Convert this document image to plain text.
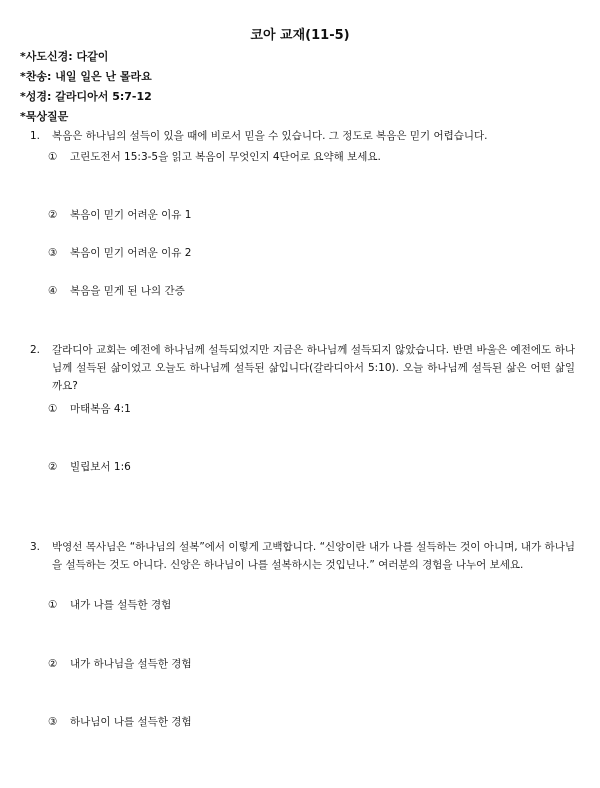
코아 교재(11-5)
*사도신경: 다같이
*찬송: 내일 일은 난 몰라요
*성경: 갈라디아서 5:7-12
*묵상질문
1.	복음은 하나님의 설득이 있을 때에 비로서 믿을 수 있습니다. 그 정도로 복음은 믿기 어렵습니다.
① 고린도전서 15:3-5을 읽고 복음이 무엇인지 4단어로 요약해 보세요.
② 복음이 믿기 어려운 이유 1
③ 복음이 믿기 어려운 이유 2
④ 복음을 믿게 된 나의 간증
2.	갈라디아 교회는 예전에 하나님께 설득되었지만 지금은 하나님께 설득되지 않았습니다. 반면 바울은 예전에도 하나님께 설득된 삶이었고 오늘도 하나님께 설득된 삶입니다(갈라디아서 5:10). 오늘 하나님께 설득된 삶은 어떤 삶일까요?
① 마태복음 4:1
② 빌립보서 1:6
3.	박영선 목사님은 “하나님의 설복”에서 이렇게 고백합니다. “신앙이란 내가 나를 설득하는 것이 아니며, 내가 하나님을 설득하는 것도 아니다. 신앙은 하나님이 나를 설복하시는 것입닌나.” 여러분의 경험을 나누어 보세요.
① 내가 나를 설득한 경험
② 내가 하나님을 설득한 경험
③ 하나님이 나를 설득한 경험
